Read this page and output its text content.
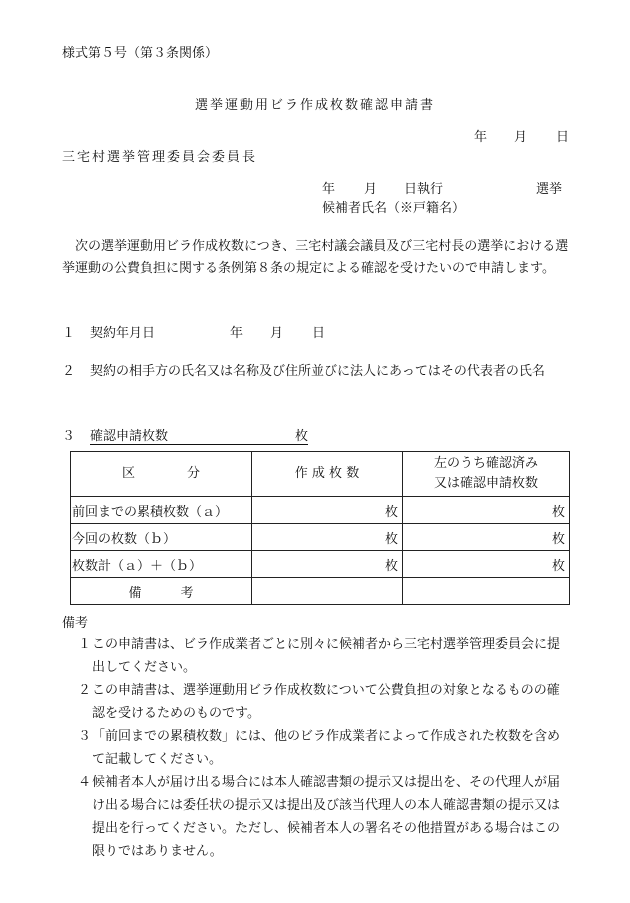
様式第５号（第３条関係）
選挙運動用ビラ作成枚数確認申請書
年 月 日
三宅村選挙管理委員会委員長
年 月 日執行	選挙
候補者氏名（※戸籍名）
次の選挙運動用ビラ作成枚数につき、三宅村議会議員及び三宅村長の選挙における選挙運動の公費負担に関する条例第８条の規定による確認を受けたいので申請します。
１ 契約年月日	年 月 日
２ 契約の相手方の氏名又は名称及び住所並びに法人にあってはその代表者の氏名
３ 確認申請枚数	枚
区　　　　分	作 成 枚 数	左のうち確認済み
又は確認申請枚数

前回までの累積枚数（ａ）	枚	枚

今回の枚数（ｂ）	枚	枚

枚数計（ａ）＋（ｂ）	枚	枚

備　　　考		
備考
１ この申請書は、ビラ作成業者ごとに別々に候補者から三宅村選挙管理委員会に提出してください。
２ この申請書は、選挙運動用ビラ作成枚数について公費負担の対象となるものの確認を受けるためのものです。
３ 「前回までの累積枚数」には、他のビラ作成業者によって作成された枚数を含めて記載してください。
４ 候補者本人が届け出る場合には本人確認書類の提示又は提出を、その代理人が届け出る場合には委任状の提示又は提出及び該当代理人の本人確認書類の提示又は提出を行ってください。ただし、候補者本人の署名その他措置がある場合はこの限りではありません。
